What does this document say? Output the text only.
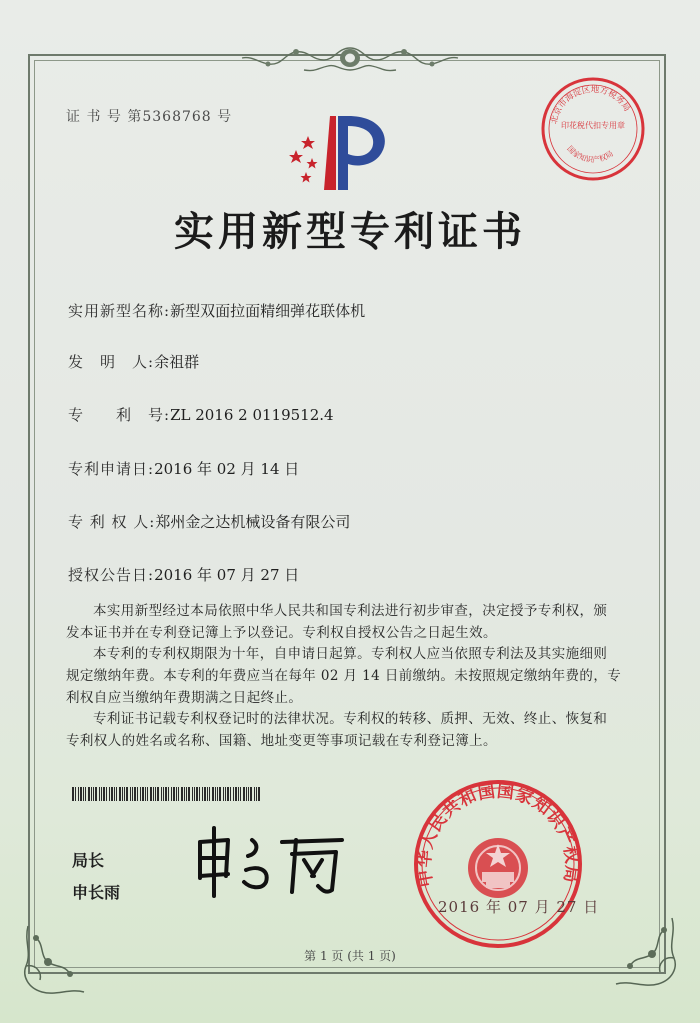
证 书 号 第5368768 号	北京市海淀区地方税务局
印花税代扣专用章
国家知识产权局
实用新型专利证书
实用新型名称:新型双面拉面精细弹花联体机
发　明　人:余祖群
专　　利　号:ZL 2016 2 0119512.4
专利申请日:2016 年 02 月 14 日
专 利 权 人:郑州金之达机械设备有限公司
授权公告日:2016 年 07 月 27 日
本实用新型经过本局依照中华人民共和国专利法进行初步审查，决定授予专利权，颁
发本证书并在专利登记簿上予以登记。专利权自授权公告之日起生效。
本专利的专利权期限为十年，自申请日起算。专利权人应当依照专利法及其实施细则
规定缴纳年费。本专利的年费应当在每年 02 月 14 日前缴纳。未按照规定缴纳年费的，专
利权自应当缴纳年费期满之日起终止。
专利证书记载专利权登记时的法律状况。专利权的转移、质押、无效、终止、恢复和
专利权人的姓名或名称、国籍、地址变更等事项记载在专利登记簿上。
中华人民共和国国家知识产权局
2016 年 07 月 27 日
局长
申长雨
第 1 页 (共 1 页)
